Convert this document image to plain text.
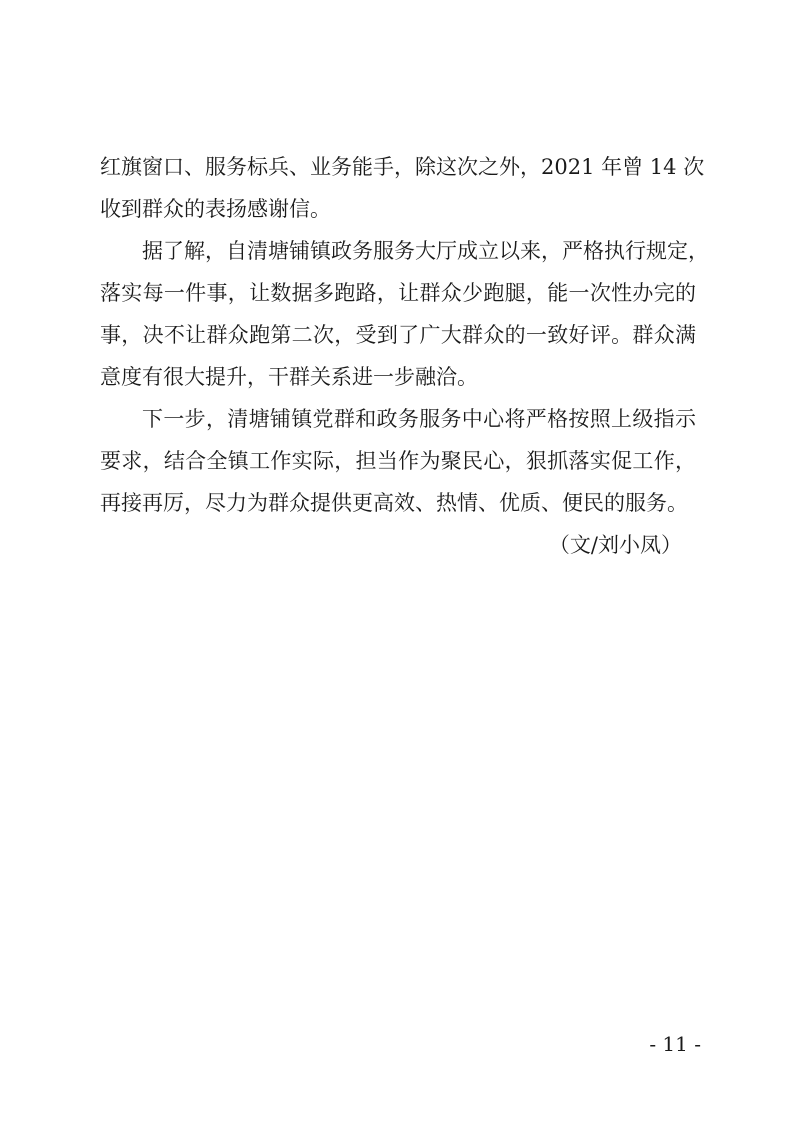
红旗窗口、服务标兵、业务能手，除这次之外，2021 年曾 14 次
收到群众的表扬感谢信。
据了解，自清塘铺镇政务服务大厅成立以来，严格执行规定，
落实每一件事，让数据多跑路，让群众少跑腿，能一次性办完的
事，决不让群众跑第二次，受到了广大群众的一致好评。群众满
意度有很大提升，干群关系进一步融洽。
下一步，清塘铺镇党群和政务服务中心将严格按照上级指示
要求，结合全镇工作实际，担当作为聚民心，狠抓落实促工作，
再接再厉，尽力为群众提供更高效、热情、优质、便民的服务。
（文/刘小凤）
- 11 -
